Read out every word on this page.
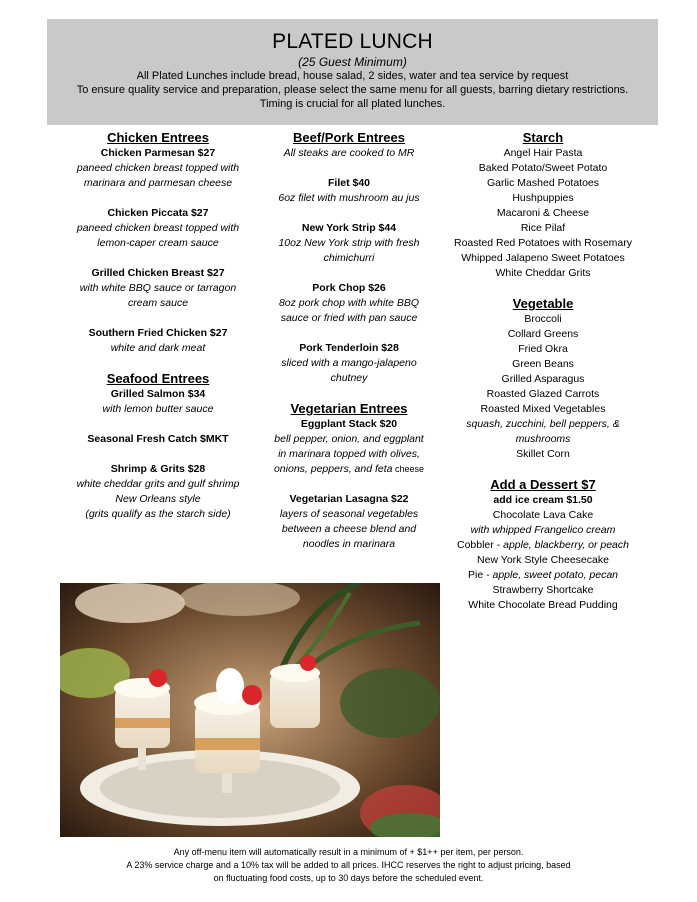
PLATED LUNCH
(25 Guest Minimum)
All Plated Lunches include bread, house salad, 2 sides, water and tea service by request
To ensure quality service and preparation, please select the same menu for all guests, barring dietary restrictions.
Timing is crucial for all plated lunches.
Chicken Entrees
Chicken Parmesan $27
paneed chicken breast topped with
marinara and parmesan cheese
Chicken Piccata $27
paneed chicken breast topped with
lemon-caper cream sauce
Grilled Chicken Breast $27
with white BBQ sauce or tarragon
cream sauce
Southern Fried Chicken $27
white and dark meat
Seafood Entrees
Grilled Salmon $34
with lemon butter sauce
Seasonal Fresh Catch $MKT
Shrimp & Grits $28
white cheddar grits and gulf shrimp
New Orleans style
(grits qualify as the starch side)
Beef/Pork Entrees
All steaks are cooked to MR
Filet $40
6oz filet with mushroom au jus
New York Strip $44
10oz New York strip with fresh
chimichurri
Pork Chop $26
8oz pork chop with white BBQ
sauce or fried with pan sauce
Pork Tenderloin $28
sliced with a mango-jalapeno
chutney
Vegetarian Entrees
Eggplant Stack $20
bell pepper, onion, and eggplant
in marinara topped with olives,
onions, peppers, and feta cheese
Vegetarian Lasagna $22
layers of seasonal vegetables
between a cheese blend and
noodles in marinara
Starch
Angel Hair Pasta
Baked Potato/Sweet Potato
Garlic Mashed Potatoes
Hushpuppies
Macaroni & Cheese
Rice Pilaf
Roasted Red Potatoes with Rosemary
Whipped Jalapeno Sweet Potatoes
White Cheddar Grits
Vegetable
Broccoli
Collard Greens
Fried Okra
Green Beans
Grilled Asparagus
Roasted Glazed Carrots
Roasted Mixed Vegetables
squash, zucchini, bell peppers, &
mushrooms
Skillet Corn
Add a Dessert $7
add ice cream $1.50
Chocolate Lava Cake
with whipped Frangelico cream
Cobbler - apple, blackberry, or peach
New York Style Cheesecake
Pie - apple, sweet potato, pecan
Strawberry Shortcake
White Chocolate Bread Pudding
Any off-menu item will automatically result in a minimum of + $1++ per item, per person.
A 23% service charge and a 10% tax will be added to all prices. IHCC reserves the right to adjust pricing, based
on fluctuating food costs, up to 30 days before the scheduled event.
